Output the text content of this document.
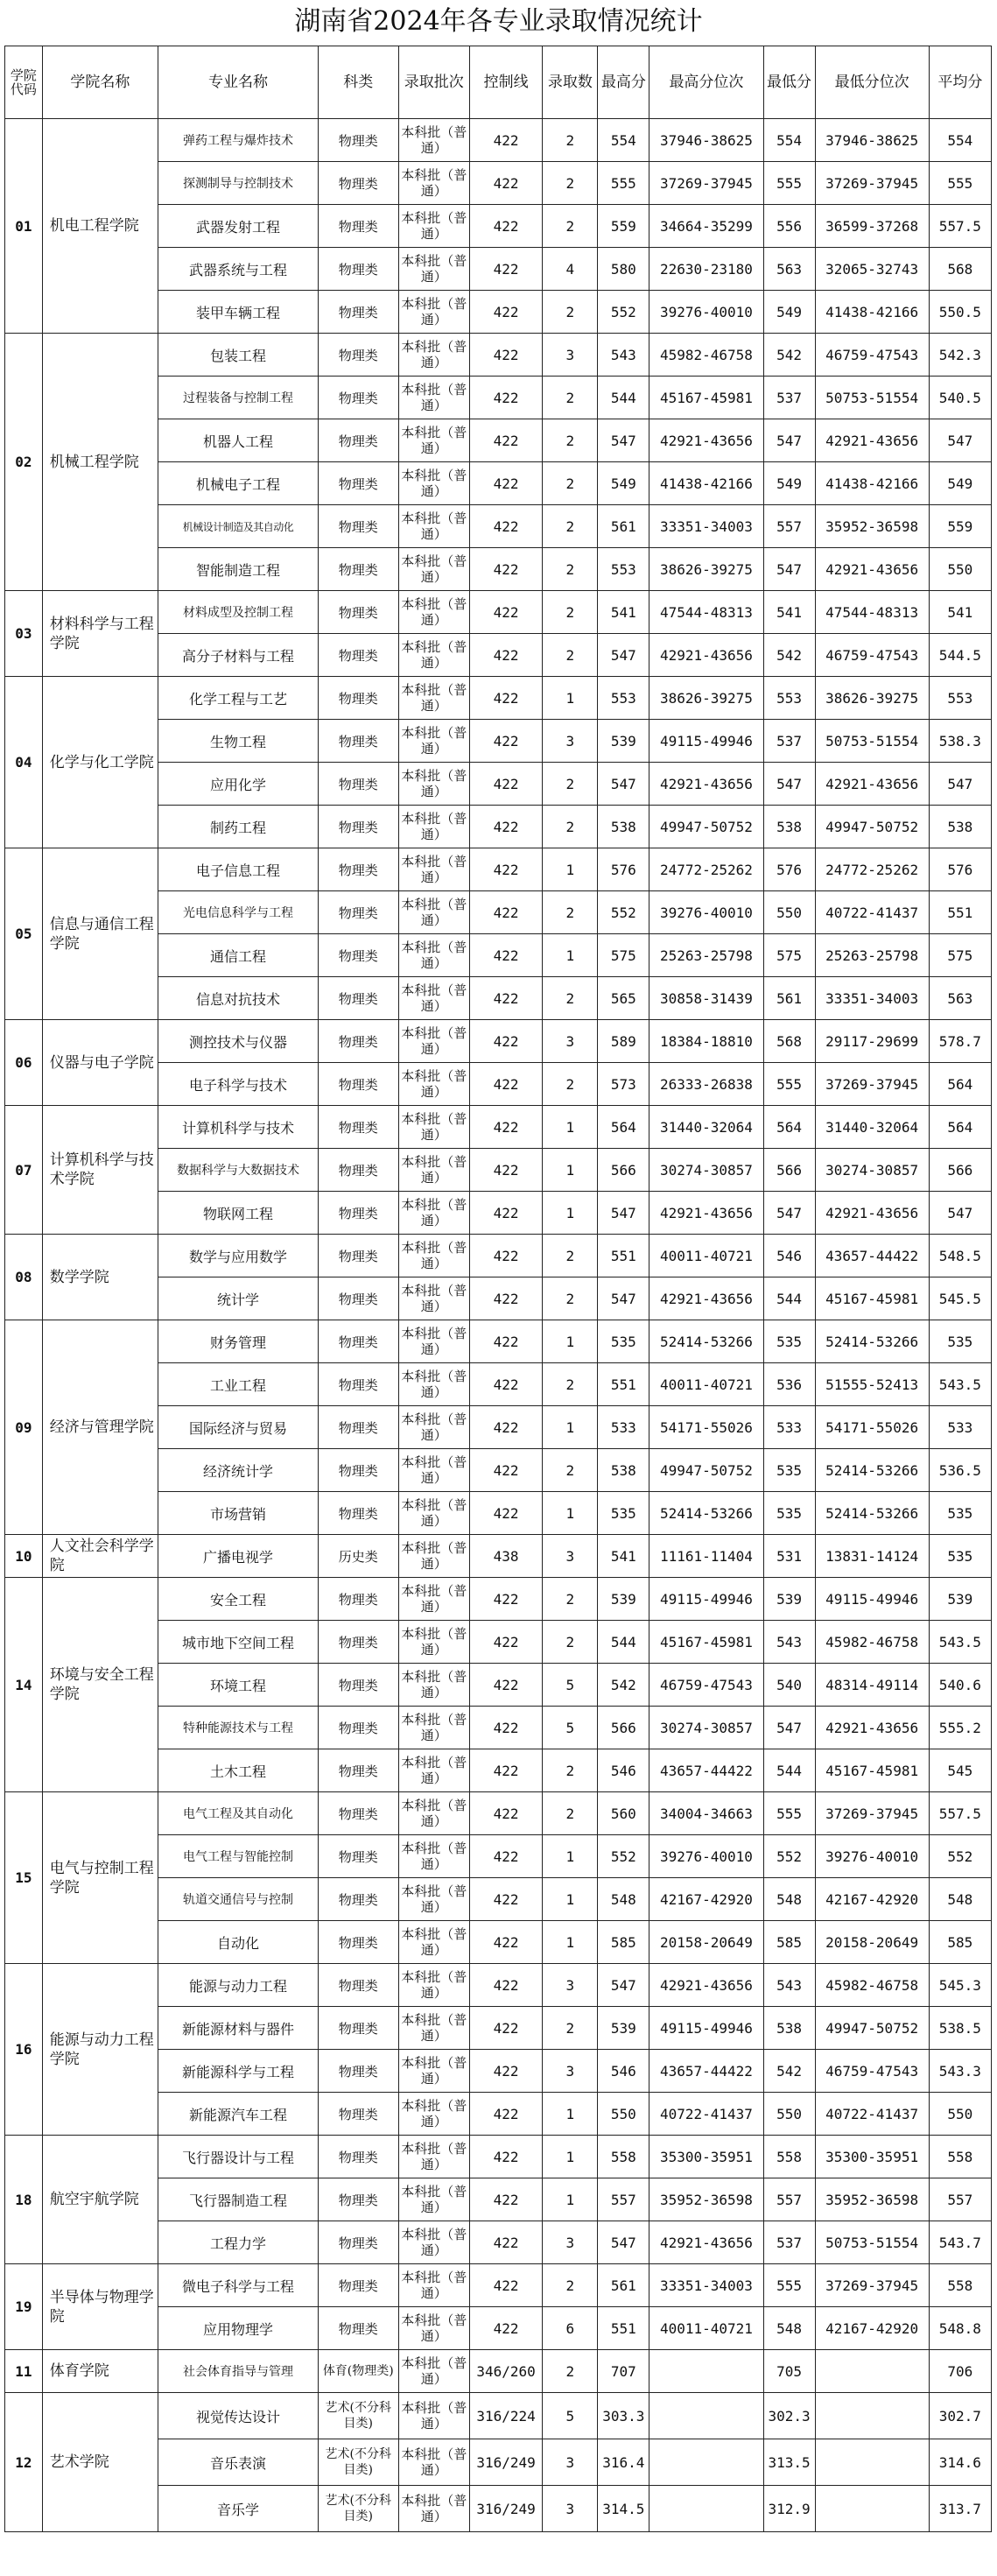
湖南省2024年各专业录取情况统计
学院代码	学院名称	专业名称	科类	录取批次	控制线	录取数	最高分	最高分位次	最低分	最低分位次	平均分
01	机电工程学院	弹药工程与爆炸技术	物理类	本科批（普通）	422	2	554	37946-38625	554	37946-38625	554
		探测制导与控制技术	物理类	本科批（普通）	422	2	555	37269-37945	555	37269-37945	555
		武器发射工程	物理类	本科批（普通）	422	2	559	34664-35299	556	36599-37268	557.5
		武器系统与工程	物理类	本科批（普通）	422	4	580	22630-23180	563	32065-32743	568
		装甲车辆工程	物理类	本科批（普通）	422	2	552	39276-40010	549	41438-42166	550.5
02	机械工程学院	包装工程	物理类	本科批（普通）	422	3	543	45982-46758	542	46759-47543	542.3
		过程装备与控制工程	物理类	本科批（普通）	422	2	544	45167-45981	537	50753-51554	540.5
		机器人工程	物理类	本科批（普通）	422	2	547	42921-43656	547	42921-43656	547
		机械电子工程	物理类	本科批（普通）	422	2	549	41438-42166	549	41438-42166	549
		机械设计制造及其自动化	物理类	本科批（普通）	422	2	561	33351-34003	557	35952-36598	559
		智能制造工程	物理类	本科批（普通）	422	2	553	38626-39275	547	42921-43656	550
03	材料科学与工程学院	材料成型及控制工程	物理类	本科批（普通）	422	2	541	47544-48313	541	47544-48313	541
		高分子材料与工程	物理类	本科批（普通）	422	2	547	42921-43656	542	46759-47543	544.5
04	化学与化工学院	化学工程与工艺	物理类	本科批（普通）	422	1	553	38626-39275	553	38626-39275	553
		生物工程	物理类	本科批（普通）	422	3	539	49115-49946	537	50753-51554	538.3
		应用化学	物理类	本科批（普通）	422	2	547	42921-43656	547	42921-43656	547
		制药工程	物理类	本科批（普通）	422	2	538	49947-50752	538	49947-50752	538
05	信息与通信工程学院	电子信息工程	物理类	本科批（普通）	422	1	576	24772-25262	576	24772-25262	576
		光电信息科学与工程	物理类	本科批（普通）	422	2	552	39276-40010	550	40722-41437	551
		通信工程	物理类	本科批（普通）	422	1	575	25263-25798	575	25263-25798	575
		信息对抗技术	物理类	本科批（普通）	422	2	565	30858-31439	561	33351-34003	563
06	仪器与电子学院	测控技术与仪器	物理类	本科批（普通）	422	3	589	18384-18810	568	29117-29699	578.7
		电子科学与技术	物理类	本科批（普通）	422	2	573	26333-26838	555	37269-37945	564
07	计算机科学与技术学院	计算机科学与技术	物理类	本科批（普通）	422	1	564	31440-32064	564	31440-32064	564
		数据科学与大数据技术	物理类	本科批（普通）	422	1	566	30274-30857	566	30274-30857	566
		物联网工程	物理类	本科批（普通）	422	1	547	42921-43656	547	42921-43656	547
08	数学学院	数学与应用数学	物理类	本科批（普通）	422	2	551	40011-40721	546	43657-44422	548.5
		统计学	物理类	本科批（普通）	422	2	547	42921-43656	544	45167-45981	545.5
09	经济与管理学院	财务管理	物理类	本科批（普通）	422	1	535	52414-53266	535	52414-53266	535
		工业工程	物理类	本科批（普通）	422	2	551	40011-40721	536	51555-52413	543.5
		国际经济与贸易	物理类	本科批（普通）	422	1	533	54171-55026	533	54171-55026	533
		经济统计学	物理类	本科批（普通）	422	2	538	49947-50752	535	52414-53266	536.5
		市场营销	物理类	本科批（普通）	422	1	535	52414-53266	535	52414-53266	535
10	人文社会科学学院	广播电视学	历史类	本科批（普通）	438	3	541	11161-11404	531	13831-14124	535
14	环境与安全工程学院	安全工程	物理类	本科批（普通）	422	2	539	49115-49946	539	49115-49946	539
		城市地下空间工程	物理类	本科批（普通）	422	2	544	45167-45981	543	45982-46758	543.5
		环境工程	物理类	本科批（普通）	422	5	542	46759-47543	540	48314-49114	540.6
		特种能源技术与工程	物理类	本科批（普通）	422	5	566	30274-30857	547	42921-43656	555.2
		土木工程	物理类	本科批（普通）	422	2	546	43657-44422	544	45167-45981	545
15	电气与控制工程学院	电气工程及其自动化	物理类	本科批（普通）	422	2	560	34004-34663	555	37269-37945	557.5
		电气工程与智能控制	物理类	本科批（普通）	422	1	552	39276-40010	552	39276-40010	552
		轨道交通信号与控制	物理类	本科批（普通）	422	1	548	42167-42920	548	42167-42920	548
		自动化	物理类	本科批（普通）	422	1	585	20158-20649	585	20158-20649	585
16	能源与动力工程学院	能源与动力工程	物理类	本科批（普通）	422	3	547	42921-43656	543	45982-46758	545.3
		新能源材料与器件	物理类	本科批（普通）	422	2	539	49115-49946	538	49947-50752	538.5
		新能源科学与工程	物理类	本科批（普通）	422	3	546	43657-44422	542	46759-47543	543.3
		新能源汽车工程	物理类	本科批（普通）	422	1	550	40722-41437	550	40722-41437	550
18	航空宇航学院	飞行器设计与工程	物理类	本科批（普通）	422	1	558	35300-35951	558	35300-35951	558
		飞行器制造工程	物理类	本科批（普通）	422	1	557	35952-36598	557	35952-36598	557
		工程力学	物理类	本科批（普通）	422	3	547	42921-43656	537	50753-51554	543.7
19	半导体与物理学院	微电子科学与工程	物理类	本科批（普通）	422	2	561	33351-34003	555	37269-37945	558
		应用物理学	物理类	本科批（普通）	422	6	551	40011-40721	548	42167-42920	548.8
11	体育学院	社会体育指导与管理	体育(物理类)	本科批（普通）	346/260	2	707		705		706
12	艺术学院	视觉传达设计	艺术(不分科目类)	本科批（普通）	316/224	5	303.3		302.3		302.7
		音乐表演	艺术(不分科目类)	本科批（普通）	316/249	3	316.4		313.5		314.6
		音乐学	艺术(不分科目类)	本科批（普通）	316/249	3	314.5		312.9		313.7
